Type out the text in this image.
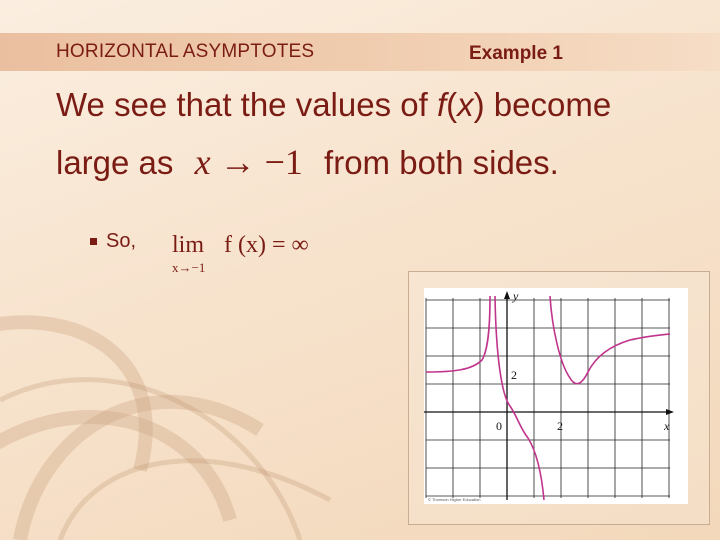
HORIZONTAL ASYMPTOTES	Example 1
We see that the values of f(x) become
large as x → −1 from both sides.
So, lim
x→−1
f (x) = ∞
y
x
2
0	2
© Thomson Higher Education
